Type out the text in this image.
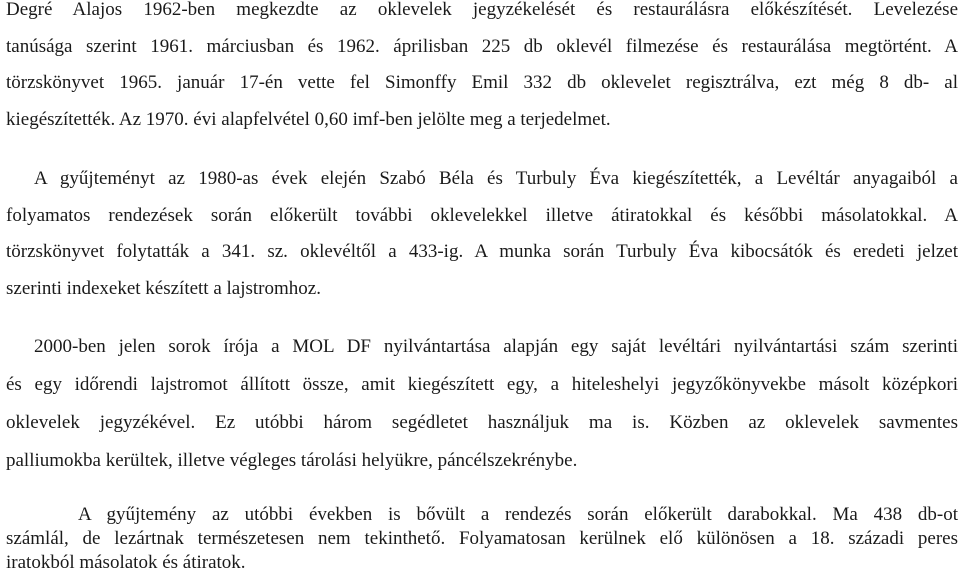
Degré Alajos 1962-ben megkezdte az oklevelek jegyzékelését és restaurálásra előkészítését. Levelezése
tanúsága szerint 1961. márciusban és 1962. áprilisban 225 db oklevél filmezése és restaurálása megtörtént. A
törzskönyvet 1965. január 17-én vette fel Simonffy Emil 332 db oklevelet regisztrálva, ezt még 8 db- al
kiegészítették. Az 1970. évi alapfelvétel 0,60 imf-ben jelölte meg a terjedelmet.
A gyűjteményt az 1980-as évek elején Szabó Béla és Turbuly Éva kiegészítették, a Levéltár anyagaiból a
folyamatos rendezések során előkerült további oklevelekkel illetve átiratokkal és későbbi másolatokkal. A
törzskönyvet folytatták a 341. sz. oklevéltől a 433-ig. A munka során Turbuly Éva kibocsátók és eredeti jelzet
szerinti indexeket készített a lajstromhoz.
2000-ben jelen sorok írója a MOL DF nyilvántartása alapján egy saját levéltári nyilvántartási szám szerinti
és egy időrendi lajstromot állított össze, amit kiegészített egy, a hiteleshelyi jegyzőkönyvekbe másolt középkori
oklevelek jegyzékével. Ez utóbbi három segédletet használjuk ma is. Közben az oklevelek savmentes
palliumokba kerültek, illetve végleges tárolási helyükre, páncélszekrénybe.
A gyűjtemény az utóbbi években is bővült a rendezés során előkerült darabokkal. Ma 438 db-ot
számlál, de lezártnak természetesen nem tekinthető. Folyamatosan kerülnek elő különösen a 18. századi peres
iratokból másolatok és átiratok.
